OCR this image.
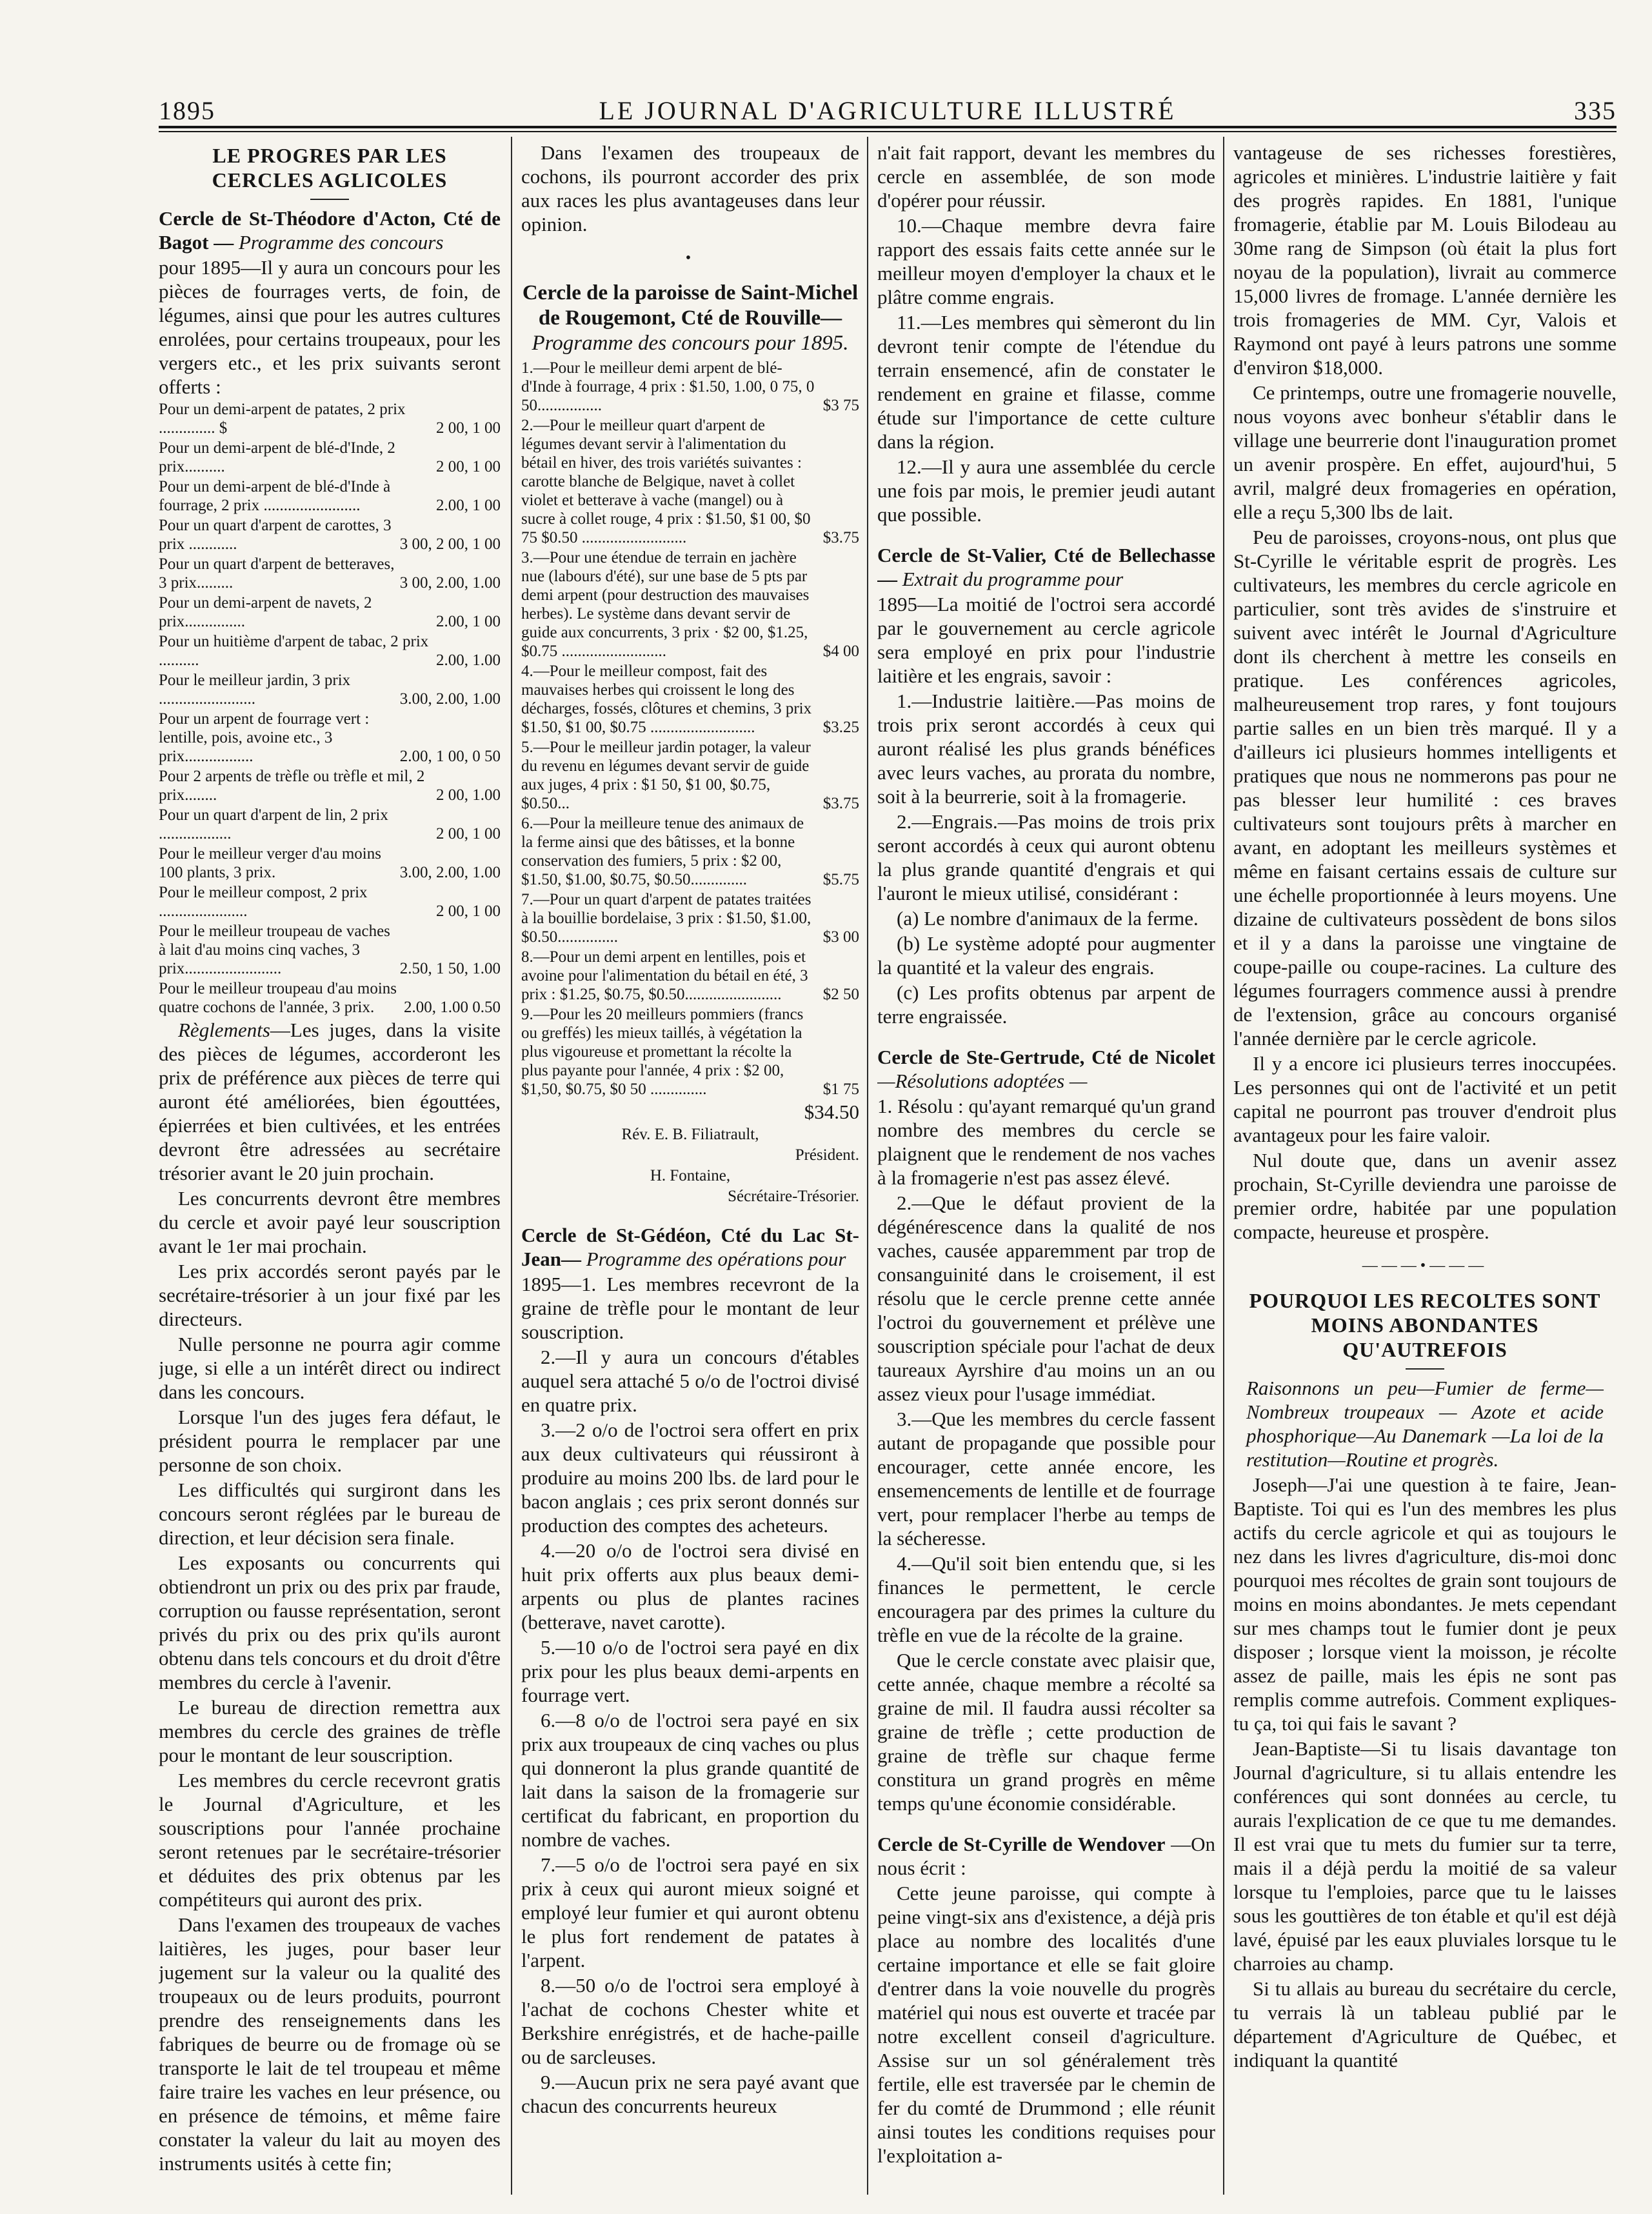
1895	LE JOURNAL D'AGRICULTURE ILLUSTRÉ	335
LE PROGRES PAR LES CERCLES AGLICOLES

Cercle de St-Théodore d'Acton, Cté de Bagot — Programme des concours

pour 1895—Il y aura un concours pour les pièces de fourrages verts, de foin, de légumes, ainsi que pour les autres cultures enrolées, pour certains troupeaux, pour les vergers etc., et les prix suivants seront offerts :

Pour un demi-arpent de patates, 2 prix .............. $	2 00, 1 00
Pour un demi-arpent de blé-d'Inde, 2 prix..........	2 00, 1 00
Pour un demi-arpent de blé-d'Inde à fourrage, 2 prix ........................	2.00, 1 00
Pour un quart d'arpent de carottes, 3 prix ............	3 00, 2 00, 1 00
Pour un quart d'arpent de betteraves, 3 prix.........	3 00, 2.00, 1.00
Pour un demi-arpent de navets, 2 prix...............	2.00, 1 00
Pour un huitième d'arpent de tabac, 2 prix ..........	2.00, 1.00
Pour le meilleur jardin, 3 prix ........................	3.00, 2.00, 1.00
Pour un arpent de fourrage vert : lentille, pois, avoine etc., 3 prix.................	2.00, 1 00, 0 50
Pour 2 arpents de trèfle ou trèfle et mil, 2 prix........	2 00, 1.00
Pour un quart d'arpent de lin, 2 prix ..................	2 00, 1 00
Pour le meilleur verger d'au moins 100 plants, 3 prix.	3.00, 2.00, 1.00
Pour le meilleur compost, 2 prix ......................	2 00, 1 00
Pour le meilleur troupeau de vaches à lait d'au moins cinq vaches, 3 prix........................	2.50, 1 50, 1.00
Pour le meilleur troupeau d'au moins quatre cochons de l'année, 3 prix.	2.00, 1.00 0.50

Règlements—Les juges, dans la visite des pièces de légumes, accorderont les prix de préférence aux pièces de terre qui auront été améliorées, bien égouttées, épierrées et bien cultivées, et les entrées devront être adressées au secrétaire trésorier avant le 20 juin prochain.

Les concurrents devront être membres du cercle et avoir payé leur souscription avant le 1er mai prochain.

Les prix accordés seront payés par le secrétaire-trésorier à un jour fixé par les directeurs.

Nulle personne ne pourra agir comme juge, si elle a un intérêt direct ou indirect dans les concours.

Lorsque l'un des juges fera défaut, le président pourra le remplacer par une personne de son choix.

Les difficultés qui surgiront dans les concours seront réglées par le bureau de direction, et leur décision sera finale.

Les exposants ou concurrents qui obtiendront un prix ou des prix par fraude, corruption ou fausse représentation, seront privés du prix ou des prix qu'ils auront obtenu dans tels concours et du droit d'être membres du cercle à l'avenir.

Le bureau de direction remettra aux membres du cercle des graines de trèfle pour le montant de leur souscription.

Les membres du cercle recevront gratis le Journal d'Agriculture, et les souscriptions pour l'année prochaine seront retenues par le secrétaire-trésorier et déduites des prix obtenus par les compétiteurs qui auront des prix.

Dans l'examen des troupeaux de vaches laitières, les juges, pour baser leur jugement sur la valeur ou la qualité des troupeaux ou de leurs produits, pourront prendre des renseignements dans les fabriques de beurre ou de fromage où se transporte le lait de tel troupeau et même faire traire les vaches en leur présence, ou en présence de témoins, et même faire constater la valeur du lait au moyen des instruments usités à cette fin;

Dans l'examen des troupeaux de cochons, ils pourront accorder des prix aux races les plus avantageuses dans leur opinion.

•
Cercle de la paroisse de Saint-Michel de Rougemont, Cté de Rouville—
Programme des concours pour 1895.
1.—Pour le meilleur demi arpent de blé-d'Inde à fourrage, 4 prix : $1.50, 1.00, 0 75, 0 50................	$3 75
2.—Pour le meilleur quart d'arpent de légumes devant servir à l'alimentation du bétail en hiver, des trois variétés suivantes : carotte blanche de Belgique, navet à collet violet et betterave à vache (mangel) ou à sucre à collet rouge, 4 prix : $1.50, $1 00, $0 75 $0.50 ..........................	$3.75
3.—Pour une étendue de terrain en jachère nue (labours d'été), sur une base de 5 pts par demi arpent (pour destruction des mauvaises herbes). Le système dans devant servir de guide aux concurrents, 3 prix · $2 00, $1.25, $0.75 ..........................	$4 00
4.—Pour le meilleur compost, fait des mauvaises herbes qui croissent le long des décharges, fossés, clôtures et chemins, 3 prix $1.50, $1 00, $0.75 ..........................	$3.25
5.—Pour le meilleur jardin potager, la valeur du revenu en légumes devant servir de guide aux juges, 4 prix : $1 50, $1 00, $0.75, $0.50...	$3.75
6.—Pour la meilleure tenue des animaux de la ferme ainsi que des bâtisses, et la bonne conservation des fumiers, 5 prix : $2 00, $1.50, $1.00, $0.75, $0.50..............	$5.75
7.—Pour un quart d'arpent de patates traitées à la bouillie bordelaise, 3 prix : $1.50, $1.00, $0.50...............	$3 00
8.—Pour un demi arpent en lentilles, pois et avoine pour l'alimentation du bétail en été, 3 prix : $1.25, $0.75, $0.50........................	$2 50
9.—Pour les 20 meilleurs pommiers (francs ou greffés) les mieux taillés, à végétation la plus vigoureuse et promettant la récolte la plus payante pour l'année, 4 prix : $2 00, $1,50, $0.75, $0 50 ..............	$1 75

$34.50

Rév. E. B. Filiatrault,

Président.

H. Fontaine,

Sécrétaire-Trésorier.

Cercle de St-Gédéon, Cté du Lac St-Jean— Programme des opérations pour

1895—1. Les membres recevront de la graine de trèfle pour le montant de leur souscription.

2.—Il y aura un concours d'étables auquel sera attaché 5 o/o de l'octroi divisé en quatre prix.

3.—2 o/o de l'octroi sera offert en prix aux deux cultivateurs qui réussiront à produire au moins 200 lbs. de lard pour le bacon anglais ; ces prix seront donnés sur production des comptes des acheteurs.

4.—20 o/o de l'octroi sera divisé en huit prix offerts aux plus beaux demi-arpents ou plus de plantes racines (betterave, navet carotte).

5.—10 o/o de l'octroi sera payé en dix prix pour les plus beaux demi-arpents en fourrage vert.

6.—8 o/o de l'octroi sera payé en six prix aux troupeaux de cinq vaches ou plus qui donneront la plus grande quantité de lait dans la saison de la fromagerie sur certificat du fabricant, en proportion du nombre de vaches.

7.—5 o/o de l'octroi sera payé en six prix à ceux qui auront mieux soigné et employé leur fumier et qui auront obtenu le plus fort rendement de patates à l'arpent.

8.—50 o/o de l'octroi sera employé à l'achat de cochons Chester white et Berkshire enrégistrés, et de hache-paille ou de sarcleuses.

9.—Aucun prix ne sera payé avant que chacun des concurrents heureux

n'ait fait rapport, devant les membres du cercle en assemblée, de son mode d'opérer pour réussir.

10.—Chaque membre devra faire rapport des essais faits cette année sur le meilleur moyen d'employer la chaux et le plâtre comme engrais.

11.—Les membres qui sèmeront du lin devront tenir compte de l'étendue du terrain ensemencé, afin de constater le rendement en graine et filasse, comme étude sur l'importance de cette culture dans la région.

12.—Il y aura une assemblée du cercle une fois par mois, le premier jeudi autant que possible.

Cercle de St-Valier, Cté de Bellechasse— Extrait du programme pour

1895—La moitié de l'octroi sera accordé par le gouvernement au cercle agricole sera employé en prix pour l'industrie laitière et les engrais, savoir :

1.—Industrie laitière.—Pas moins de trois prix seront accordés à ceux qui auront réalisé les plus grands bénéfices avec leurs vaches, au prorata du nombre, soit à la beurrerie, soit à la fromagerie.

2.—Engrais.—Pas moins de trois prix seront accordés à ceux qui auront obtenu la plus grande quantité d'engrais et qui l'auront le mieux utilisé, considérant :

(a) Le nombre d'animaux de la ferme.

(b) Le système adopté pour augmenter la quantité et la valeur des engrais.

(c) Les profits obtenus par arpent de terre engraissée.

Cercle de Ste-Gertrude, Cté de Nicolet —Résolutions adoptées —

1. Résolu : qu'ayant remarqué qu'un grand nombre des membres du cercle se plaignent que le rendement de nos vaches à la fromagerie n'est pas assez élevé.

2.—Que le défaut provient de la dégénérescence dans la qualité de nos vaches, causée apparemment par trop de consanguinité dans le croisement, il est résolu que le cercle prenne cette année l'octroi du gouvernement et prélève une souscription spéciale pour l'achat de deux taureaux Ayrshire d'au moins un an ou assez vieux pour l'usage immédiat.

3.—Que les membres du cercle fassent autant de propagande que possible pour encourager, cette année encore, les ensemencements de lentille et de fourrage vert, pour remplacer l'herbe au temps de la sécheresse.

4.—Qu'il soit bien entendu que, si les finances le permettent, le cercle encouragera par des primes la culture du trèfle en vue de la récolte de la graine.

Que le cercle constate avec plaisir que, cette année, chaque membre a récolté sa graine de mil. Il faudra aussi récolter sa graine de trèfle ; cette production de graine de trèfle sur chaque ferme constitura un grand progrès en même temps qu'une économie considérable.

Cercle de St-Cyrille de Wendover —On nous écrit :

Cette jeune paroisse, qui compte à peine vingt-six ans d'existence, a déjà pris place au nombre des localités d'une certaine importance et elle se fait gloire d'entrer dans la voie nouvelle du progrès matériel qui nous est ouverte et tracée par notre excellent conseil d'agriculture. Assise sur un sol généralement très fertile, elle est traversée par le chemin de fer du comté de Drummond ; elle réunit ainsi toutes les conditions requises pour l'exploitation a-

vantageuse de ses richesses forestières, agricoles et minières. L'industrie laitière y fait des progrès rapides. En 1881, l'unique fromagerie, établie par M. Louis Bilodeau au 30me rang de Simpson (où était la plus fort noyau de la population), livrait au commerce 15,000 livres de fromage. L'année dernière les trois fromageries de MM. Cyr, Valois et Raymond ont payé à leurs patrons une somme d'environ $18,000.

Ce printemps, outre une fromagerie nouvelle, nous voyons avec bonheur s'établir dans le village une beurrerie dont l'inauguration promet un avenir prospère. En effet, aujourd'hui, 5 avril, malgré deux fromageries en opération, elle a reçu 5,300 lbs de lait.

Peu de paroisses, croyons-nous, ont plus que St-Cyrille le véritable esprit de progrès. Les cultivateurs, les membres du cercle agricole en particulier, sont très avides de s'instruire et suivent avec intérêt le Journal d'Agriculture dont ils cherchent à mettre les conseils en pratique. Les conférences agricoles, malheureusement trop rares, y font toujours partie salles en un bien très marqué. Il y a d'ailleurs ici plusieurs hommes intelligents et pratiques que nous ne nommerons pas pour ne pas blesser leur humilité : ces braves cultivateurs sont toujours prêts à marcher en avant, en adoptant les meilleurs systèmes et même en faisant certains essais de culture sur une échelle proportionnée à leurs moyens. Une dizaine de cultivateurs possèdent de bons silos et il y a dans la paroisse une vingtaine de coupe-paille ou coupe-racines. La culture des légumes fourragers commence aussi à prendre de l'extension, grâce au concours organisé l'année dernière par le cercle agricole.

Il y a encore ici plusieurs terres inoccupées. Les personnes qui ont de l'activité et un petit capital ne pourront pas trouver d'endroit plus avantageux pour les faire valoir.

Nul doute que, dans un avenir assez prochain, St-Cyrille deviendra une paroisse de premier ordre, habitée par une population compacte, heureuse et prospère.

———•———
POURQUOI LES RECOLTES SONT MOINS ABONDANTES QU'AUTREFOIS

Raisonnons un peu—Fumier de ferme—Nombreux troupeaux — Azote et acide phosphorique—Au Danemark —La loi de la restitution—Routine et progrès.

Joseph—J'ai une question à te faire, Jean-Baptiste. Toi qui es l'un des membres les plus actifs du cercle agricole et qui as toujours le nez dans les livres d'agriculture, dis-moi donc pourquoi mes récoltes de grain sont toujours de moins en moins abondantes. Je mets cependant sur mes champs tout le fumier dont je peux disposer ; lorsque vient la moisson, je récolte assez de paille, mais les épis ne sont pas remplis comme autrefois. Comment expliques-tu ça, toi qui fais le savant ?

Jean-Baptiste—Si tu lisais davantage ton Journal d'agriculture, si tu allais entendre les conférences qui sont données au cercle, tu aurais l'explication de ce que tu me demandes. Il est vrai que tu mets du fumier sur ta terre, mais il a déjà perdu la moitié de sa valeur lorsque tu l'emploies, parce que tu le laisses sous les gouttières de ton étable et qu'il est déjà lavé, épuisé par les eaux pluviales lorsque tu le charroies au champ.

Si tu allais au bureau du secrétaire du cercle, tu verrais là un tableau publié par le département d'Agriculture de Québec, et indiquant la quantité
